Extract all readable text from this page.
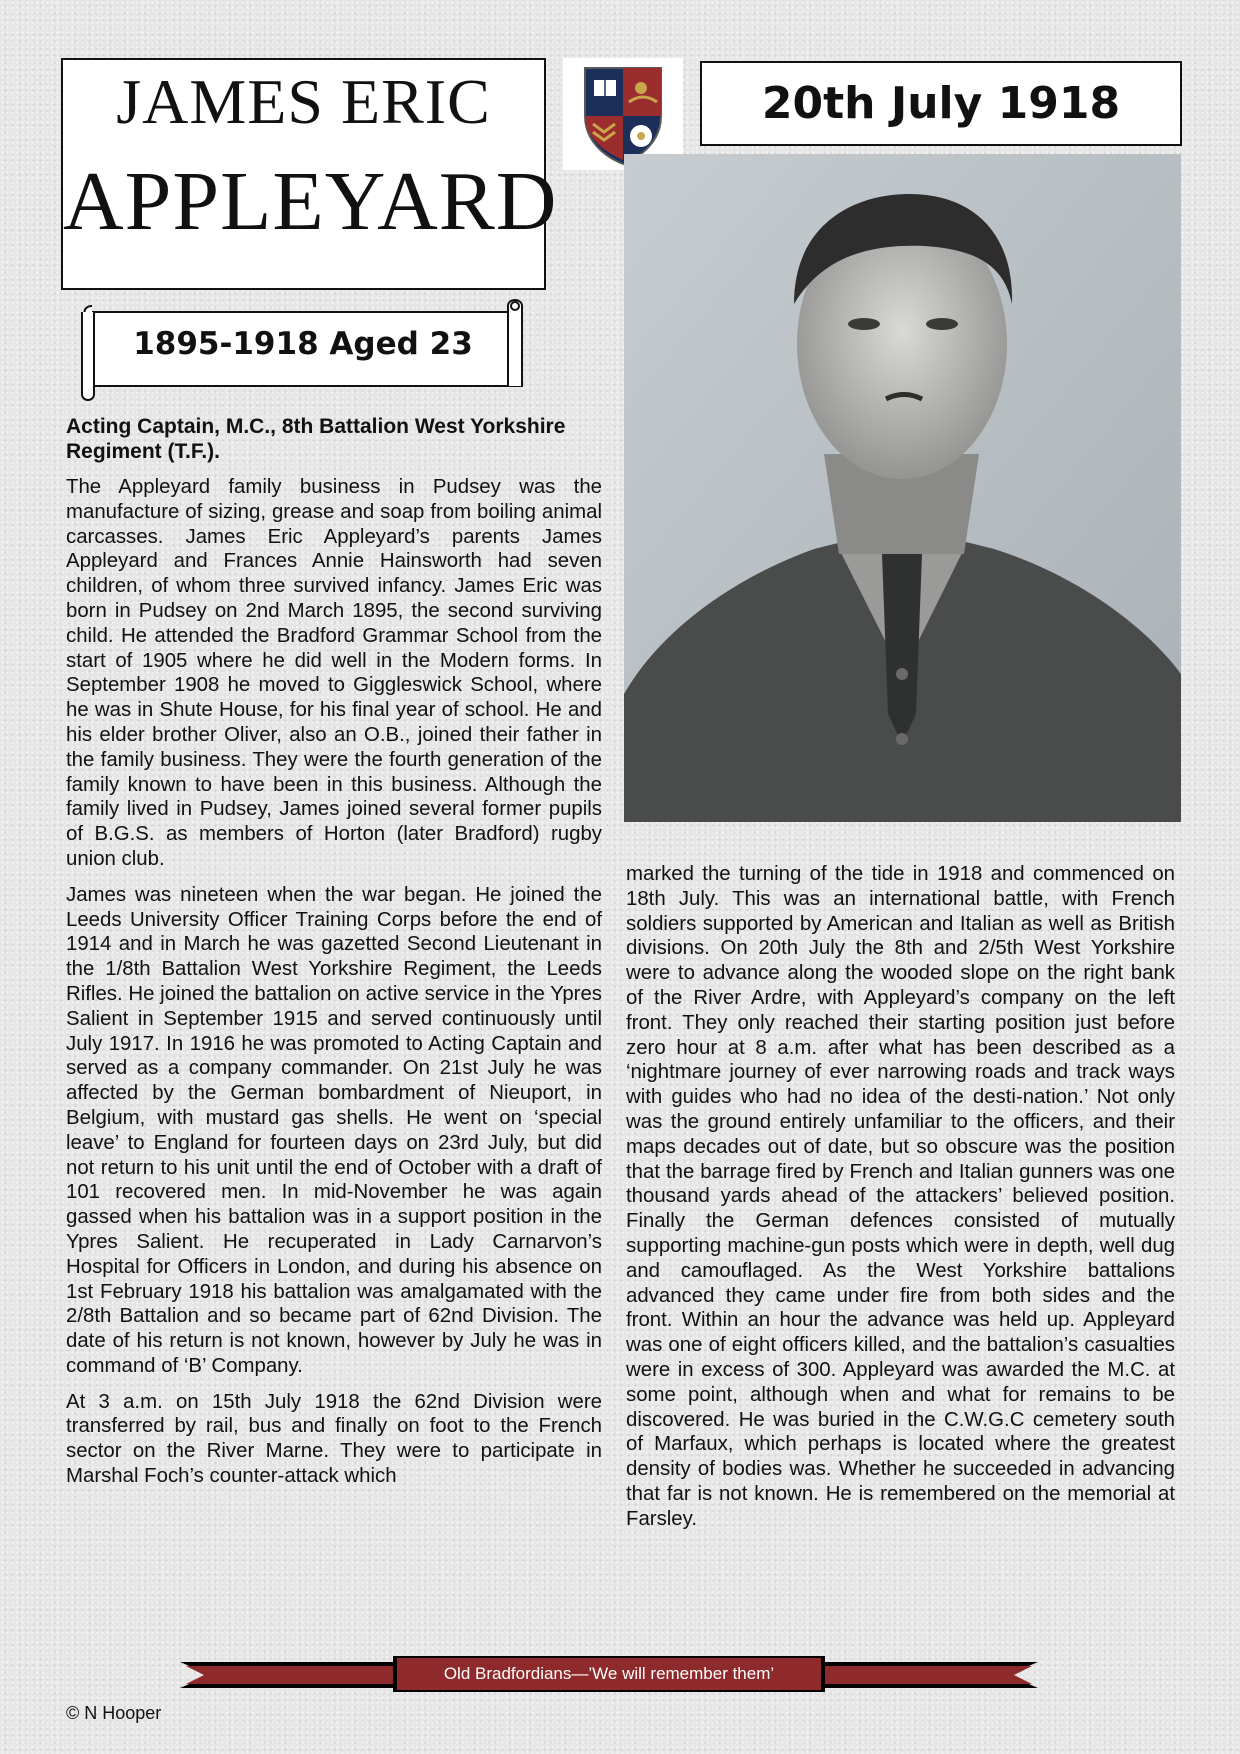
JAMES ERIC
APPLEYARD
20th July 1918
1895-1918 Aged 23

Acting Captain, M.C., 8th Battalion West Yorkshire Regiment (T.F.).

The Appleyard family business in Pudsey was the manufacture of sizing, grease and soap from boiling animal carcasses. James Eric Appleyard’s parents James Appleyard and Frances Annie Hainsworth had seven children, of whom three survived infancy. James Eric was born in Pudsey on 2nd March 1895, the second surviving child. He attended the Bradford Grammar School from the start of 1905 where he did well in the Modern forms. In September 1908 he moved to Giggleswick School, where he was in Shute House, for his final year of school. He and his elder brother Oliver, also an O.B., joined their father in the family business. They were the fourth generation of the family known to have been in this business. Although the family lived in Pudsey, James joined several former pupils of B.G.S. as members of Horton (later Bradford) rugby union club.

James was nineteen when the war began. He joined the Leeds University Officer Training Corps before the end of 1914 and in March he was gazetted Second Lieutenant in the 1/8th Battalion West Yorkshire Regiment, the Leeds Rifles. He joined the battalion on active service in the Ypres Salient in September 1915 and served continuously until July 1917. In 1916 he was promoted to Acting Captain and served as a company commander. On 21st July he was affected by the German bombardment of Nieuport, in Belgium, with mustard gas shells. He went on ‘special leave’ to England for fourteen days on 23rd July, but did not return to his unit until the end of October with a draft of 101 recovered men. In mid-November he was again gassed when his battalion was in a support position in the Ypres Salient. He recuperated in Lady Carnarvon’s Hospital for Officers in London, and during his absence on 1st February 1918 his battalion was amalgamated with the 2/8th Battalion and so became part of 62nd Division. The date of his return is not known, however by July he was in command of ‘B’ Company.

At 3 a.m. on 15th July 1918 the 62nd Division were transferred by rail, bus and finally on foot to the French sector on the River Marne. They were to participate in Marshal Foch’s counter-attack which

marked the turning of the tide in 1918 and commenced on 18th July. This was an international battle, with French soldiers supported by American and Italian as well as British divisions. On 20th July the 8th and 2/5th West Yorkshire were to advance along the wooded slope on the right bank of the River Ardre, with Appleyard’s company on the left front. They only reached their starting position just before zero hour at 8 a.m. after what has been described as a ‘nightmare journey of ever narrowing roads and track ways with guides who had no idea of the desti-nation.’ Not only was the ground entirely unfamiliar to the officers, and their maps decades out of date, but so obscure was the position that the barrage fired by French and Italian gunners was one thousand yards ahead of the attackers’ believed position. Finally the German defences consisted of mutually supporting machine-gun posts which were in depth, well dug and camouflaged. As the West Yorkshire battalions advanced they came under fire from both sides and the front. Within an hour the advance was held up. Appleyard was one of eight officers killed, and the battalion’s casualties were in excess of 300. Appleyard was awarded the M.C. at some point, although when and what for remains to be discovered. He was buried in the C.W.G.C cemetery south of Marfaux, which perhaps is located where the greatest density of bodies was. Whether he succeeded in advancing that far is not known. He is remembered on the memorial at Farsley.

Old Bradfordians—’We will remember them’
© N Hooper
